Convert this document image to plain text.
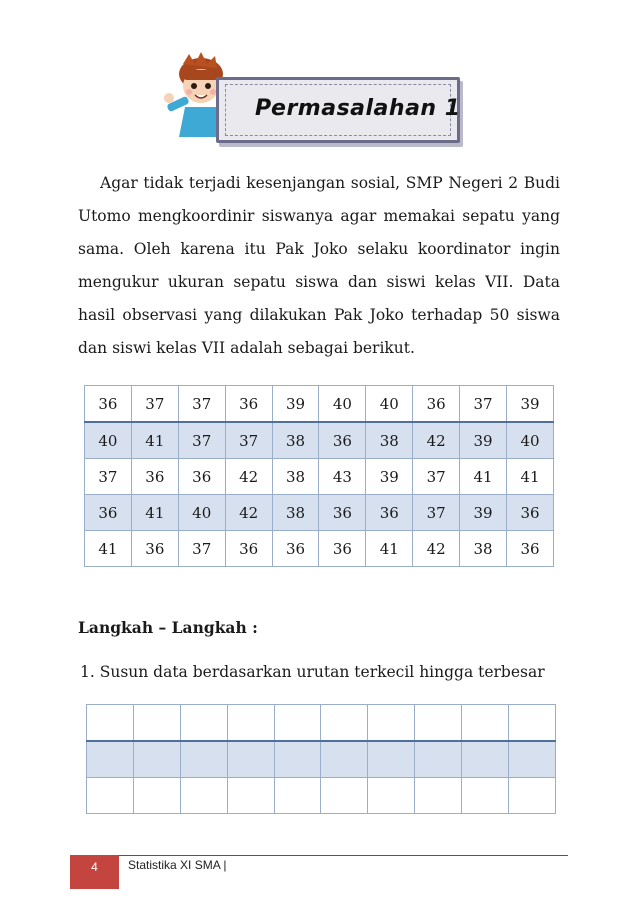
Permasalahan 1

Agar tidak terjadi kesenjangan sosial, SMP Negeri 2 Budi Utomo mengkoordinir siswanya agar memakai sepatu yang sama. Oleh karena itu Pak Joko selaku koordinator ingin mengukur ukuran sepatu siswa dan siswi kelas VII. Data hasil observasi yang dilakukan Pak Joko terhadap 50 siswa dan siswi kelas VII adalah sebagai berikut.

36	37	37	36	39	40	40	36	37	39
40	41	37	37	38	36	38	42	39	40
37	36	36	42	38	43	39	37	41	41
36	41	40	42	38	36	36	37	39	36
41	36	37	36	36	36	41	42	38	36
Langkah – Langkah :
1. Susun data berdasarkan urutan terkecil hingga terbesar

4	Statistika XI SMA |
